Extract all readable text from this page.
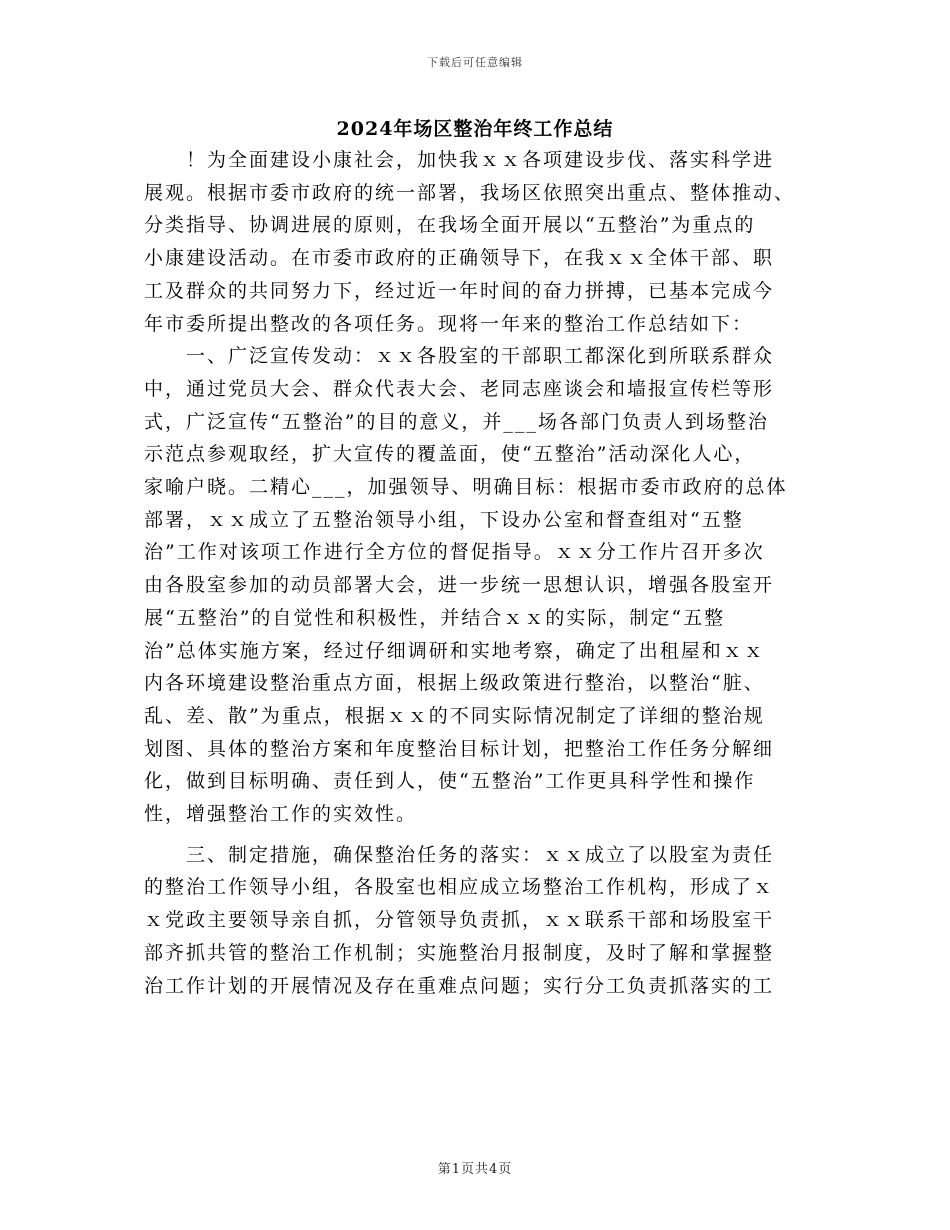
下载后可任意编辑
2024年场区整治年终工作总结

　　！为全面建设小康社会，加快我ｘｘ各项建设步伐、落实科学进

展观。根据市委市政府的统一部署，我场区依照突出重点、整体推动、

分类指导、协调进展的原则，在我场全面开展以“五整治”为重点的

小康建设活动。在市委市政府的正确领导下，在我ｘｘ全体干部、职

工及群众的共同努力下，经过近一年时间的奋力拼搏，已基本完成今

年市委所提出整改的各项任务。现将一年来的整治工作总结如下：

　　一、广泛宣传发动：ｘｘ各股室的干部职工都深化到所联系群众

中，通过党员大会、群众代表大会、老同志座谈会和墙报宣传栏等形

式，广泛宣传“五整治”的目的意义，并___场各部门负责人到场整治

示范点参观取经，扩大宣传的覆盖面，使“五整治”活动深化人心，

家喻户晓。二精心___，加强领导、明确目标：根据市委市政府的总体

部署，ｘｘ成立了五整治领导小组，下设办公室和督查组对“五整

治”工作对该项工作进行全方位的督促指导。ｘｘ分工作片召开多次

由各股室参加的动员部署大会，进一步统一思想认识，增强各股室开

展“五整治”的自觉性和积极性，并结合ｘｘ的实际，制定“五整

治”总体实施方案，经过仔细调研和实地考察，确定了出租屋和ｘｘ

内各环境建设整治重点方面，根据上级政策进行整治，以整治“脏、

乱、差、散”为重点，根据ｘｘ的不同实际情况制定了详细的整治规

划图、具体的整治方案和年度整治目标计划，把整治工作任务分解细

化，做到目标明确、责任到人，使“五整治”工作更具科学性和操作

性，增强整治工作的实效性。

　　三、制定措施，确保整治任务的落实：ｘｘ成立了以股室为责任

的整治工作领导小组，各股室也相应成立场整治工作机构，形成了ｘ

ｘ党政主要领导亲自抓，分管领导负责抓，ｘｘ联系干部和场股室干

部齐抓共管的整治工作机制；实施整治月报制度，及时了解和掌握整

治工作计划的开展情况及存在重难点问题；实行分工负责抓落实的工

第1页共4页
